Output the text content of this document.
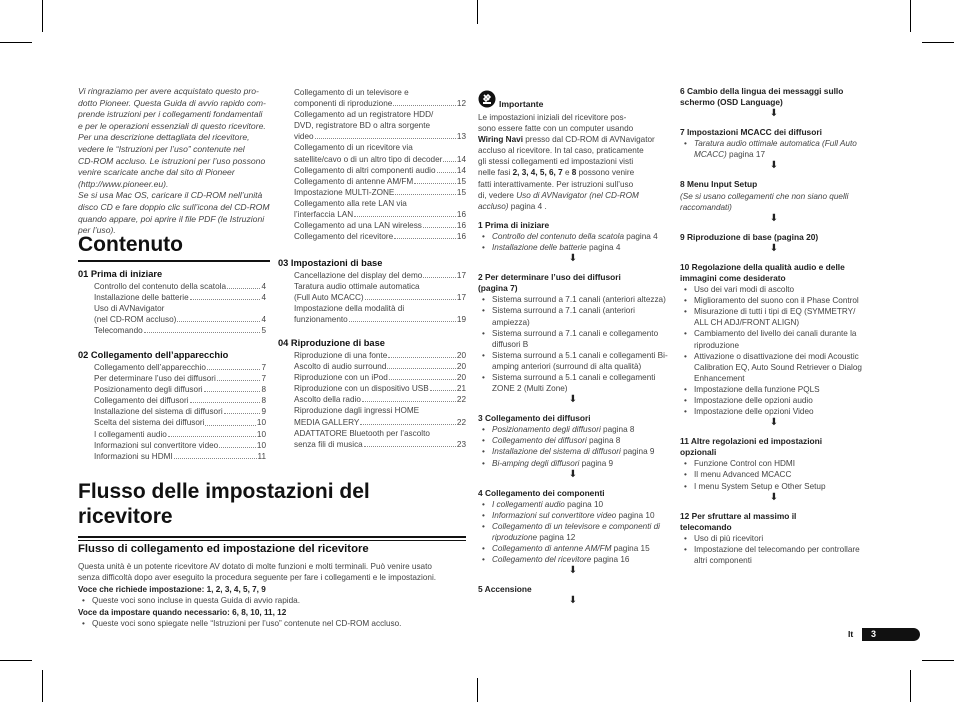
Vi ringraziamo per avere acquistato questo pro-

dotto Pioneer. Questa Guida di avvio rapido com-

prende istruzioni per i collegamenti fondamentali

e per le operazioni essenziali di questo ricevitore.

Per una descrizione dettagliata del ricevitore,

vedere le “Istruzioni per l’uso” contenute nel

CD-ROM accluso. Le istruzioni per l’uso possono

venire scaricate anche dal sito di Pioneer

(http://www.pioneer.eu).

Se si usa Mac OS, caricare il CD-ROM nell’unità

disco CD e fare doppio clic sull’icona del CD-ROM

quando appare, poi aprire il file PDF (le Istruzioni

per l’uso).

Contenuto
01 Prima di iniziare
Controllo del contenuto della scatola	4
Installazione delle batterie	4
Uso di AVNavigator
(nel CD-ROM accluso)	4
Telecomando	5
02 Collegamento dell’apparecchio
Collegamento dell’apparecchio	7
Per determinare l’uso dei diffusori	7
Posizionamento degli diffusori	8
Collegamento dei diffusori	8
Installazione del sistema di diffusori	9
Scelta del sistema dei diffusori	10
I collegamenti audio	10
Informazioni sul convertitore video	10
Informazioni su HDMI	11
Collegamento di un televisore e
componenti di riproduzione	12
Collegamento ad un registratore HDD/
DVD, registratore BD o altra sorgente
video	13
Collegamento di un ricevitore via
satellite/cavo o di un altro tipo di decoder 14
Collegamento di altri componenti audio	14
Collegamento di antenne AM/FM	15
Impostazione MULTI-ZONE	15
Collegamento alla rete LAN via
l’interfaccia LAN	16
Collegamento ad una LAN wireless	16
Collegamento del ricevitore	16
03 Impostazioni di base
Cancellazione del display del demo	17
Taratura audio ottimale automatica
(Full Auto MCACC)	17
Impostazione della modalità di
funzionamento	19
04 Riproduzione di base
Riproduzione di una fonte	20
Ascolto di audio surround	20
Riproduzione con un iPod	20
Riproduzione con un dispositivo USB	21
Ascolto della radio	22
Riproduzione dagli ingressi HOME
MEDIA GALLERY	22
ADATTATORE Bluetooth per l’ascolto
senza fili di musica	23
Flusso delle impostazioni del
ricevitore
Flusso di collegamento ed impostazione del ricevitore
Questa unità è un potente ricevitore AV dotato di molte funzioni e molti terminali. Può venire usato
senza difficoltà dopo aver eseguito la procedura seguente per fare i collegamenti e le impostazioni.
Voce che richiede impostazione: 1, 2, 3, 4, 5, 7, 9
• Queste voci sono incluse in questa Guida di avvio rapida.
Voce da impostare quando necessario: 6, 8, 10, 11, 12
• Queste voci sono spiegate nelle “Istruzioni per l’uso” contenute nel CD-ROM accluso.
Importante
Le impostazioni iniziali del ricevitore pos-
sono essere fatte con un computer usando
Wiring Navi presso dal CD-ROM di AVNavigator
accluso al ricevitore. In tal caso, praticamente
gli stessi collegamenti ed impostazioni visti
nelle fasi 2, 3, 4, 5, 6, 7 e 8 possono venire
fatti interattivamente. Per istruzioni sull’uso
di, vedere Uso di AVNavigator (nel CD-ROM
accluso) pagina 4 .
1 Prima di iniziare
• Controllo del contenuto della scatola pagina 4
• Installazione delle batterie pagina 4
⬇
2 Per determinare l’uso dei diffusori
(pagina 7)
• Sistema surround a 7.1 canali (anteriori altezza)
• Sistema surround a 7.1 canali (anteriori ampiezza)
• Sistema surround a 7.1 canali e collegamento diffusori B
• Sistema surround a 5.1 canali e collegamenti Bi-amping anteriori (surround di alta qualità)
• Sistema surround a 5.1 canali e collegamenti ZONE 2 (Multi Zone)
⬇
3 Collegamento dei diffusori
• Posizionamento degli diffusori pagina 8
• Collegamento dei diffusori pagina 8
• Installazione del sistema di diffusori pagina 9
• Bi-amping degli diffusori pagina 9
⬇
4 Collegamento dei componenti
• I collegamenti audio pagina 10
• Informazioni sul convertitore video pagina 10
• Collegamento di un televisore e componenti di riproduzione pagina 12
• Collegamento di antenne AM/FM pagina 15
• Collegamento del ricevitore pagina 16
⬇
5 Accensione
⬇
6 Cambio della lingua dei messaggi sullo
schermo (OSD Language)
⬇
7 Impostazioni MCACC dei diffusori
• Taratura audio ottimale automatica (Full Auto MCACC) pagina 17
⬇
8 Menu Input Setup
(Se si usano collegamenti che non siano quelli raccomandati)
⬇
9 Riproduzione di base (pagina 20)
⬇
10 Regolazione della qualità audio e delle
immagini come desiderato
• Uso dei vari modi di ascolto
• Miglioramento del suono con il Phase Control
• Misurazione di tutti i tipi di EQ (SYMMETRY/ ALL CH ADJ/FRONT ALIGN)
• Cambiamento del livello dei canali durante la riproduzione
• Attivazione o disattivazione dei modi Acoustic Calibration EQ, Auto Sound Retriever o Dialog Enhancement
• Impostazione della funzione PQLS
• Impostazione delle opzioni audio
• Impostazione delle opzioni Video
⬇
11 Altre regolazioni ed impostazioni
opzionali
• Funzione Control con HDMI
• Il menu Advanced MCACC
• I menu System Setup e Other Setup
⬇
12 Per sfruttare al massimo il
telecomando
• Uso di più ricevitori
• Impostazione del telecomando per controllare altri componenti
It 3
